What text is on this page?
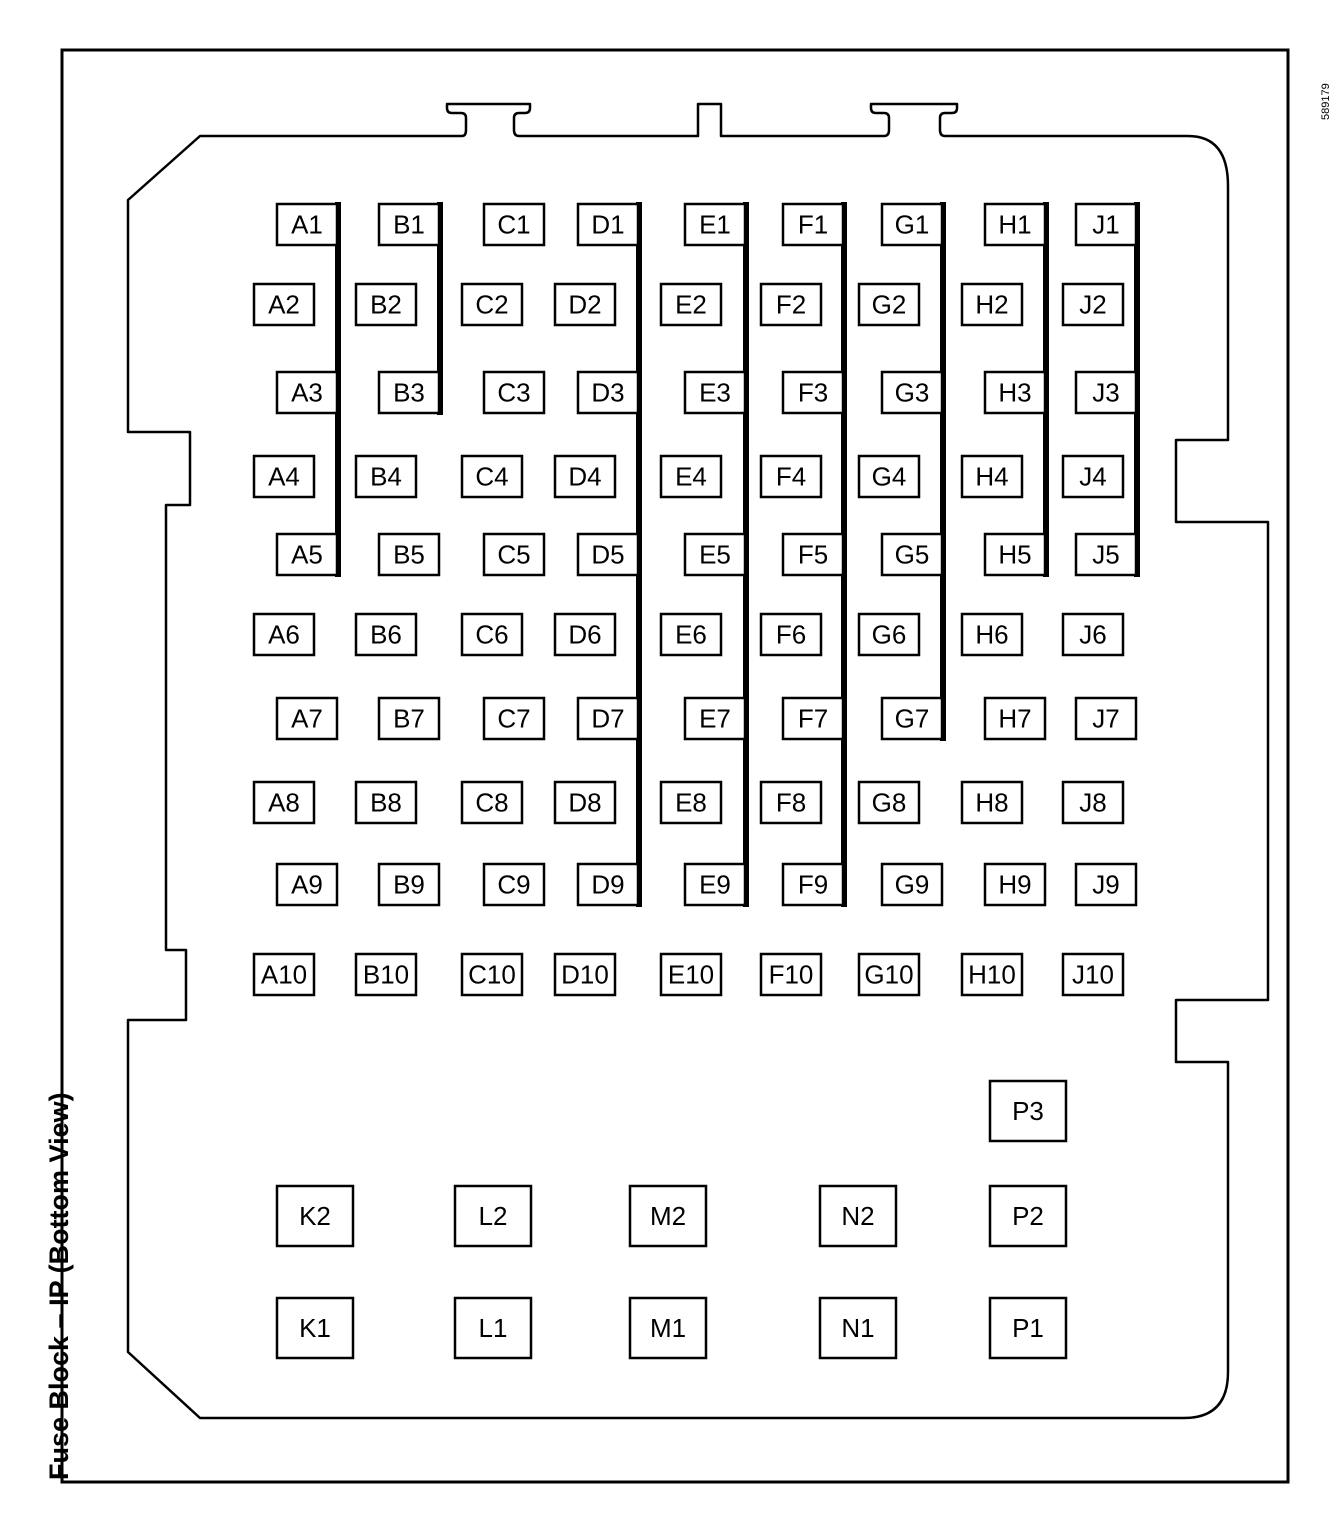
A1	B1	C1 D1	E1	F1	G1	H1 J1
A2	B2	C2 D2	E2	F2	G2	H2	J2
A3	B3	C3 D3	E3	F3	G3	H3 J3
A4	B4	C4 D4	E4	F4	G4	H4	J4
A5	B5	C5 D5	E5	F5	G5	H5 J5
A6	B6	C6 D6	E6	F6	G6	H6	J6
A7	B7	C7 D7	E7	F7	G7	H7 J7
A8	B8	C8 D8	E8	F8	G8	H8	J8
A9	B9	C9 D9	E9	F9	G9	H9 J9
A10 B10 C10 D10 E10 F10 G10 H10 J10
P3
K2	L2	M2	N2	P2
K1	L1	M1	N1	P1
Fuse Block – IP (Bottom View)
589179
